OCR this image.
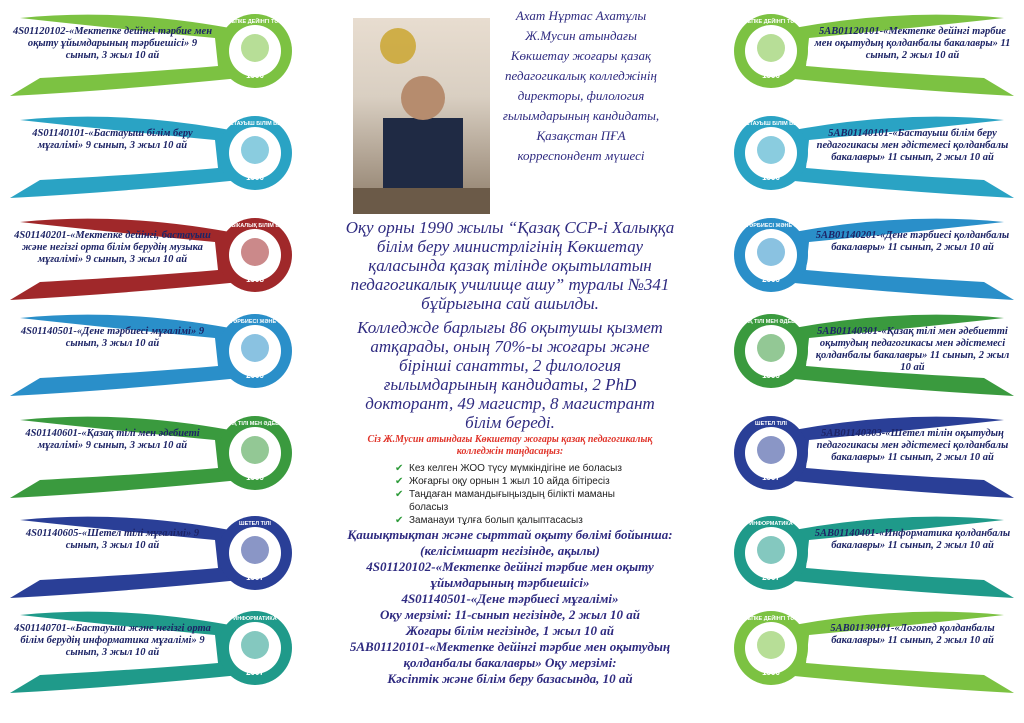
1990
МЕКТЕПКЕ ДЕЙІНГІ ТӘРБИЕ
4S01120102-«Мектепке дейінгі тәрбие мен оқыту ұйымдарының тәрбиешісі» 9 сынып, 3 жыл 10 ай
1990
БАСТАУЫШ БІЛІМ БЕРУ
4S01140101-«Бастауыш білім беру мұғалімі» 9 сынып, 3 жыл 10 ай
1998
МУЗЫКАЛЫҚ БІЛІМ БЕРУ
4S01140201-«Мектепке дейінгі, бастауыш және негізгі орта білім берудің музыка мұғалімі» 9 сынып, 3 жыл 10 ай
2009
ДЕНЕ ТӘРБИЕСІ ЖӘНЕ СПОРТ
4S01140501-«Дене тәрбиесі мұғалімі» 9 сынып, 3 жыл 10 ай
1999
ҚАЗАҚ ТІЛІ МЕН ӘДЕБИЕТІ
4S01140601-«Қазақ тілі мен әдебиеті мұғалімі» 9 сынып, 3 жыл 10 ай
1997
ШЕТЕЛ ТІЛІ
4S01140605-«Шетел тілі мұғалімі» 9 сынып, 3 жыл 10 ай
2007
ИНФОРМАТИКА
4S01140701-«Бастауыш және негізгі орта білім берудің информатика мұғалімі» 9 сынып, 3 жыл 10 ай
1990
МЕКТЕПКЕ ДЕЙІНГІ ТӘРБИЕ
5AB01120101-«Мектепке дейінгі тәрбие мен оқытудың қолданбалы бакалавры» 11 сынып, 2 жыл 10 ай
1990
БАСТАУЫШ БІЛІМ БЕРУ
5AB01140101-«Бастауыш білім беру педагогикасы мен әдістемесі қолданбалы бакалавры» 11 сынып, 2 жыл 10 ай
2009
ДЕНЕ ТӘРБИЕСІ ЖӘНЕ СПОРТ
5AB01140201-«Дене тәрбиесі қолданбалы бакалавры» 11 сынып, 2 жыл 10 ай
1999
ҚАЗАҚ ТІЛІ МЕН ӘДЕБИЕТІ
5AB01140301-«Қазақ тілі мен әдебиетті оқытудың педагогикасы мен әдістемесі қолданбалы бакалавры» 11 сынып, 2 жыл 10 ай
1997
ШЕТЕЛ ТІЛІ
5AB01140303-«Шетел тілін оқытудың педагогикасы мен әдістемесі қолданбалы бакалавры» 11 сынып, 2 жыл 10 ай
2007
ИНФОРМАТИКА
5AB01140401-«Информатика қолданбалы бакалавры» 11 сынып, 2 жыл 10 ай
1990
МЕКТЕПКЕ ДЕЙІНГІ ТӘРБИЕ
5AB01130101-«Логопед қолданбалы бакалавры» 11 сынып, 2 жыл 10 ай
Ахат Нұртас Ахатұлы Ж.Мусин атындағы Көкшетау жоғары қазақ педагогикалық колледжінің директоры, филология ғылымдарының кандидаты, Қазақстан ПҒА корреспондент мүшесі
Оқу орны 1990 жылы “Қазақ ССР-і Халыққа білім беру министрлігінің Көкшетау қаласында қазақ тілінде оқытылатын педагогикалық училище ашу” туралы №341 бұйрығына сай ашылды.
Колледжде барлығы 86 оқытушы қызмет атқарады, оның 70%-ы жоғары және бірінші санатты, 2 филология ғылымдарының кандидаты, 2 PhD докторант, 49 магистр, 8 магистрант білім береді.
Сіз Ж.Мусин атындағы Көкшетау жоғары қазақ педагогикалық колледжін таңдасаңыз:
✔ Кез келген ЖОО түсу мүмкіндігіне ие боласыз
✔ Жоғарғы оқу орнын 1 жыл 10 айда бітіресіз
✔ Таңдаған мамандығыңыздың білікті маманы боласыз
✔ Заманауи тұлға болып қалыптасасыз
Қашықтықтан және сырттай оқыту бөлімі бойынша:
(келісімшарт негізінде, ақылы)
4S01120102-«Мектепке дейінгі тәрбие мен оқыту ұйымдарының тәрбиешісі»
4S01140501-«Дене тәрбиесі мұғалімі»
Оқу мерзімі: 11-сынып негізінде, 2 жыл 10 ай
Жоғары білім негізінде, 1 жыл 10 ай
5AB01120101-«Мектепке дейінгі тәрбие мен оқытудың қолданбалы бакалавры» Оқу мерзімі:
Кәсіптік және білім беру базасында, 10 ай
